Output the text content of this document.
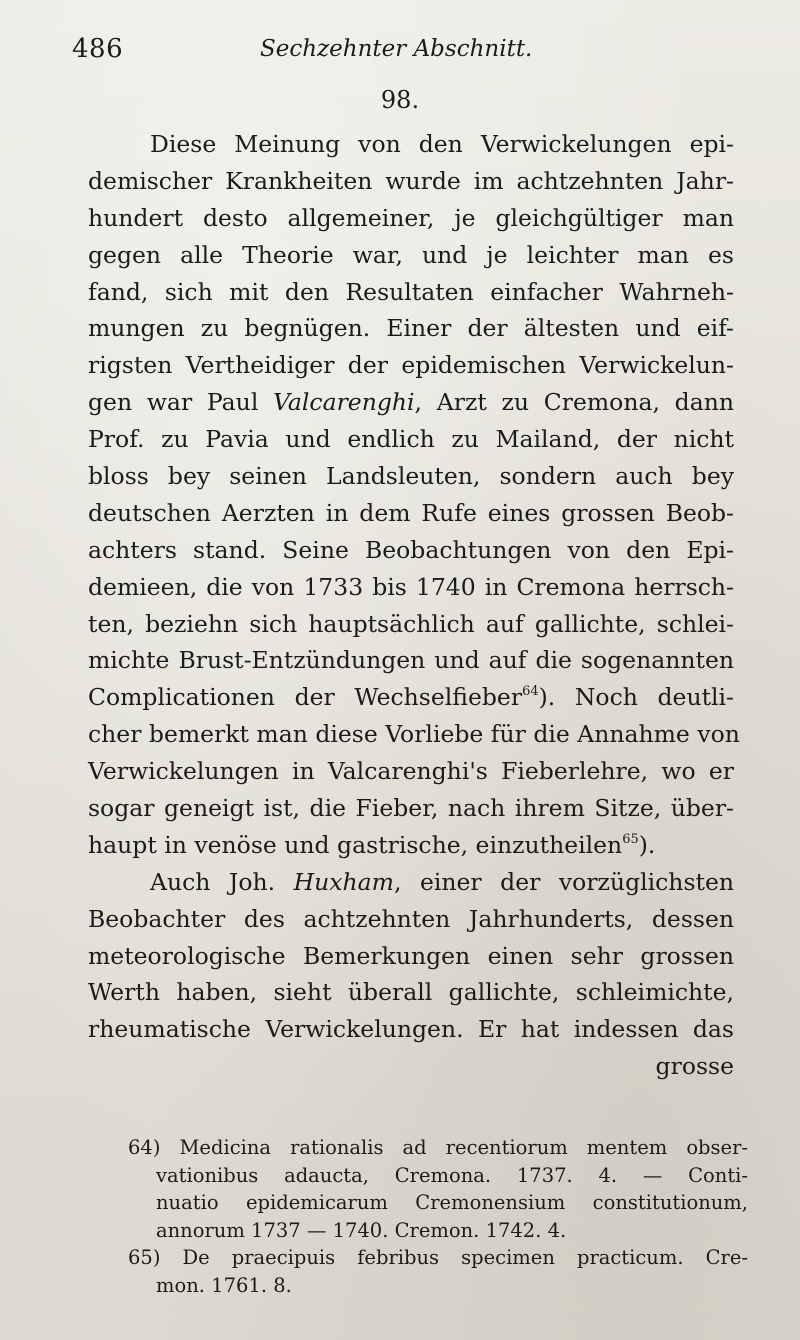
486	Sechzehnter Abschnitt.
98.
Diese Meinung von den Verwickelungen epi-
demischer Krankheiten wurde im achtzehnten Jahr-
hundert desto allgemeiner, je gleichgültiger man
gegen alle Theorie war, und je leichter man es
fand, sich mit den Resultaten einfacher Wahrneh-
mungen zu begnügen. Einer der ältesten und eif-
rigsten Vertheidiger der epidemischen Verwickelun-
gen war Paul Valcarenghi, Arzt zu Cremona, dann
Prof. zu Pavia und endlich zu Mailand, der nicht
bloss bey seinen Landsleuten, sondern auch bey
deutschen Aerzten in dem Rufe eines grossen Beob-
achters stand. Seine Beobachtungen von den Epi-
demieen, die von 1733 bis 1740 in Cremona herrsch-
ten, beziehn sich hauptsächlich auf gallichte, schlei-
michte Brust-Entzündungen und auf die sogenannten
Complicationen der Wechselfieber$^{64}$). Noch deutli-
cher bemerkt man diese Vorliebe für die Annahme von
Verwickelungen in Valcarenghi's Fieberlehre, wo er
sogar geneigt ist, die Fieber, nach ihrem Sitze, über-
haupt in venöse und gastrische, einzutheilen$^{65}$).
Auch Joh. Huxham, einer der vorzüglichsten
Beobachter des achtzehnten Jahrhunderts, dessen
meteorologische Bemerkungen einen sehr grossen
Werth haben, sieht überall gallichte, schleimichte,
rheumatische Verwickelungen. Er hat indessen das
grosse
64) Medicina rationalis ad recentiorum mentem obser-
vationibus adaucta, Cremona. 1737. 4. — Conti-
nuatio epidemicarum Cremonensium constitutionum,
annorum 1737 — 1740. Cremon. 1742. 4.
65) De praecipuis febribus specimen practicum. Cre-
mon. 1761. 8.
